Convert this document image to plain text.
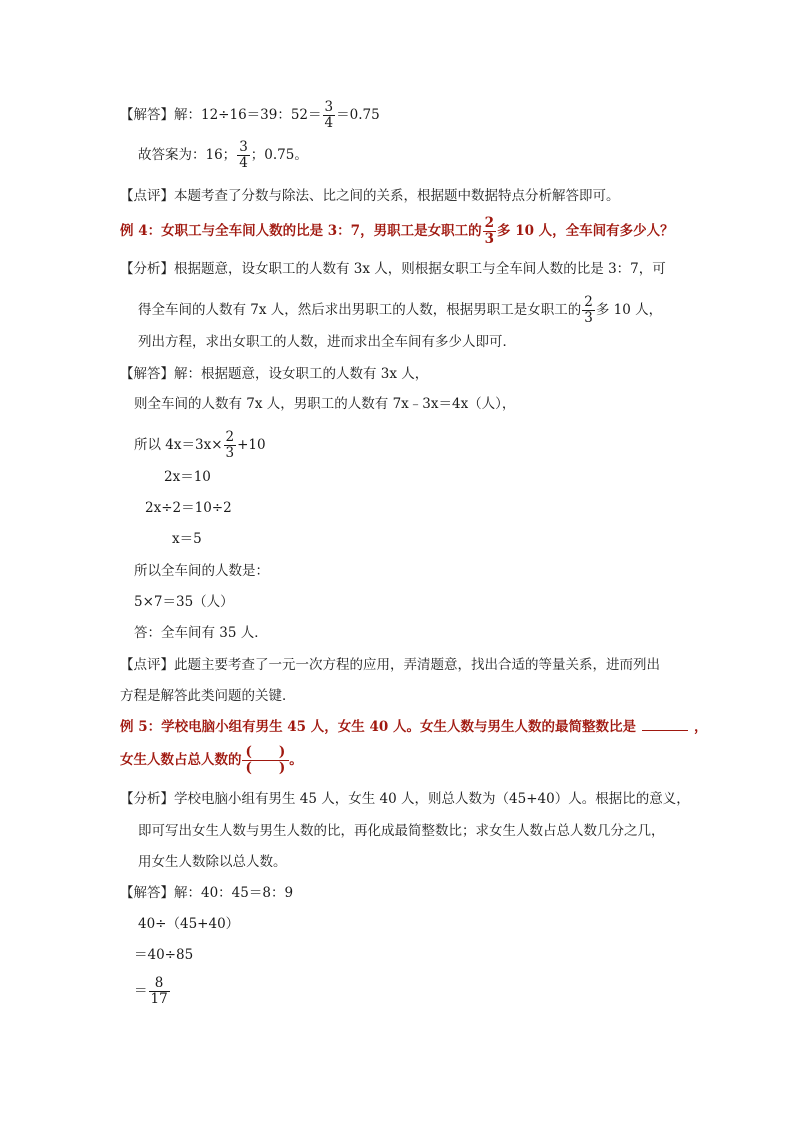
【解答】解：12÷16＝39：$52= \frac{3}{4} =0.75$
故答案为：16； $\frac{3}{4}$ ；0.75。
【点评】本题考查了分数与除法、比之间的关系，根据题中数据特点分析解答即可。
例 4：女职工与全车间人数的比是 3：7，男职工是女职工的 $\frac{2}{3}$ 多 10 人，全车间有多少人？
【分析】根据题意，设女职工的人数有 3x 人，则根据女职工与全车间人数的比是 3：7，可
得全车间的人数有 7x 人，然后求出男职工的人数，根据男职工是女职工的 $\frac{2}{3}$ 多 10 人，
列出方程，求出女职工的人数，进而求出全车间有多少人即可．
【解答】解：根据题意，设女职工的人数有 3x 人，
则全车间的人数有 7x 人，男职工的人数有 7x﹣3x＝4x（人），
所以 $4x=3x\times \frac{2}{3} +10$
2x＝10
2x÷2＝10÷2
x＝5
所以全车间的人数是：
5×7＝35（人）
答：全车间有 35 人．
【点评】此题主要考查了一元一次方程的应用，弄清题意，找出合适的等量关系，进而列出
方程是解答此类问题的关键．
例 5：学校电脑小组有男生 45 人，女生 40 人。女生人数与男生人数的最简整数比是	，
女生人数占总人数的 $\frac{( )}{( )}$ 。
【分析】学校电脑小组有男生 45 人，女生 40 人，则总人数为（45+40）人。根据比的意义，
即可写出女生人数与男生人数的比，再化成最简整数比；求女生人数占总人数几分之几，
用女生人数除以总人数。
【解答】解：40：45＝8：9
40÷（45+40）
＝40÷85
＝ $\frac{8}{17}$
